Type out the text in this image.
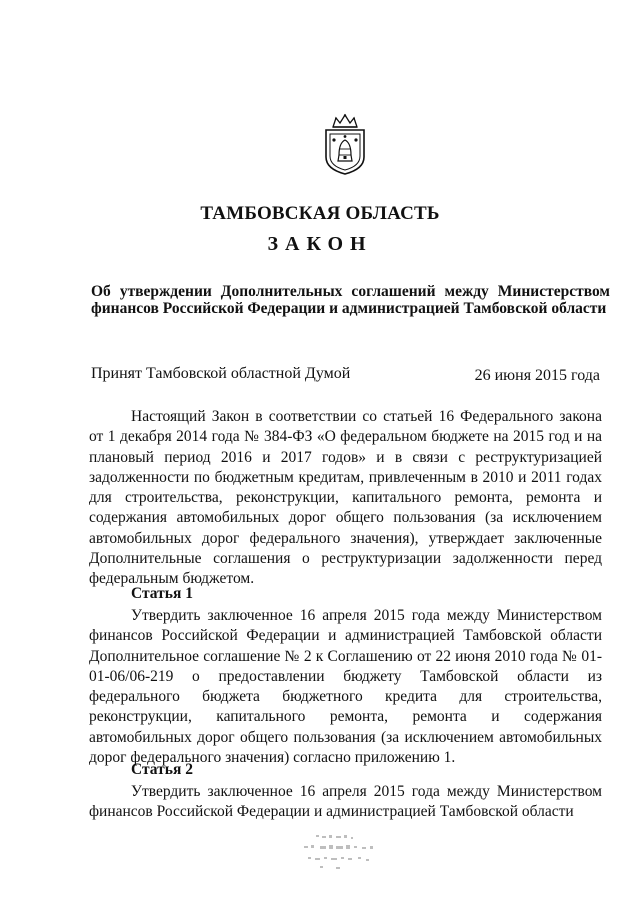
ТАМБОВСКАЯ ОБЛАСТЬ
ЗАКОН
Об утверждении Дополнительных соглашений между Министерством финансов Российской Федерации и администрацией Тамбовской области
Принят Тамбовской областной Думой	26 июня 2015 года

Настоящий Закон в соответствии со статьей 16 Федерального закона от 1 декабря 2014 года № 384-ФЗ «О федеральном бюджете на 2015 год и на плановый период 2016 и 2017 годов» и в связи с реструктуризацией задолженности по бюджетным кредитам, привлеченным в 2010 и 2011 годах для строительства, реконструкции, капитального ремонта, ремонта и содержания автомобильных дорог общего пользования (за исключением автомобильных дорог федерального значения), утверждает заключенные Дополнительные соглашения о реструктуризации задолженности перед федеральным бюджетом.

Статья 1

Утвердить заключенное 16 апреля 2015 года между Министерством финансов Российской Федерации и администрацией Тамбовской области Дополнительное соглашение № 2 к Соглашению от 22 июня 2010 года № 01-01-06/06-219 о предоставлении бюджету Тамбовской области из федерального бюджета бюджетного кредита для строительства, реконструкции, капитального ремонта, ремонта и содержания автомобильных дорог общего пользования (за исключением автомобильных дорог федерального значения) согласно приложению 1.

Статья 2

Утвердить заключенное 16 апреля 2015 года между Министерством финансов Российской Федерации и администрацией Тамбовской области
